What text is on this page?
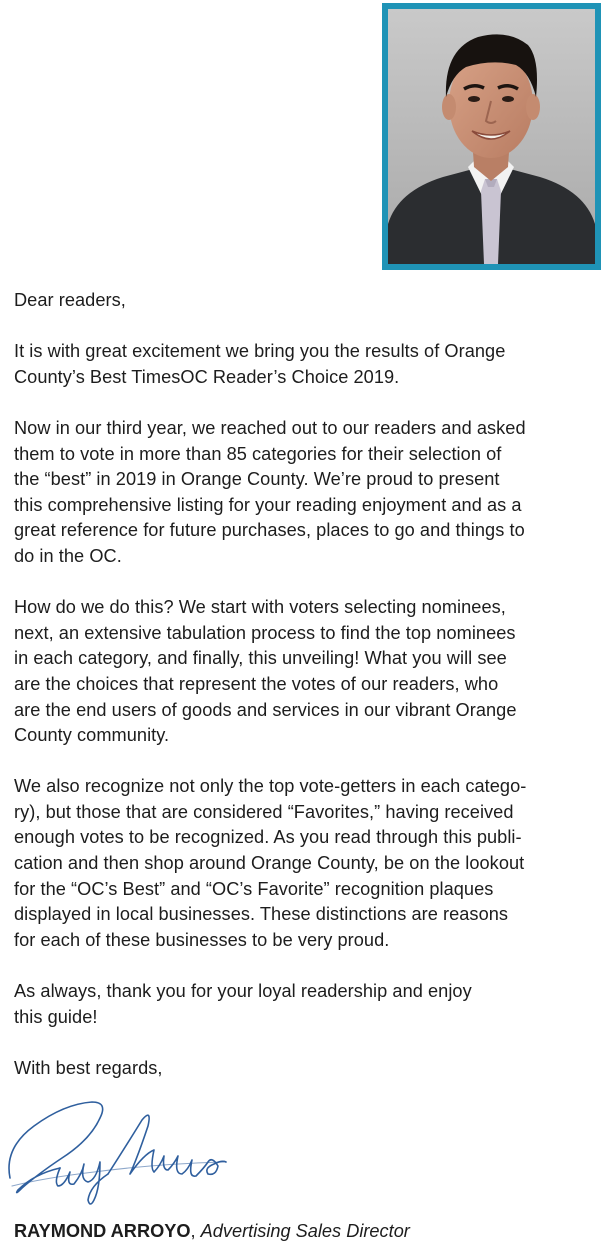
Dear readers,

It is with great excitement we bring you the results of Orange
County’s Best TimesOC Reader’s Choice 2019.

Now in our third year, we reached out to our readers and asked
them to vote in more than 85 categories for their selection of
the “best” in 2019 in Orange County. We’re proud to present
this comprehensive listing for your reading enjoyment and as a
great reference for future purchases, places to go and things to
do in the OC.

How do we do this? We start with voters selecting nominees,
next, an extensive tabulation process to find the top nominees
in each category, and finally, this unveiling! What you will see
are the choices that represent the votes of our readers, who
are the end users of goods and services in our vibrant Orange
County community.

We also recognize not only the top vote-getters in each catego-
ry), but those that are considered “Favorites,” having received
enough votes to be recognized. As you read through this publi-
cation and then shop around Orange County, be on the lookout
for the “OC’s Best” and “OC’s Favorite” recognition plaques
displayed in local businesses. These distinctions are reasons
for each of these businesses to be very proud.

As always, thank you for your loyal readership and enjoy
this guide!

With best regards,

RAYMOND ARROYO, Advertising Sales Director
